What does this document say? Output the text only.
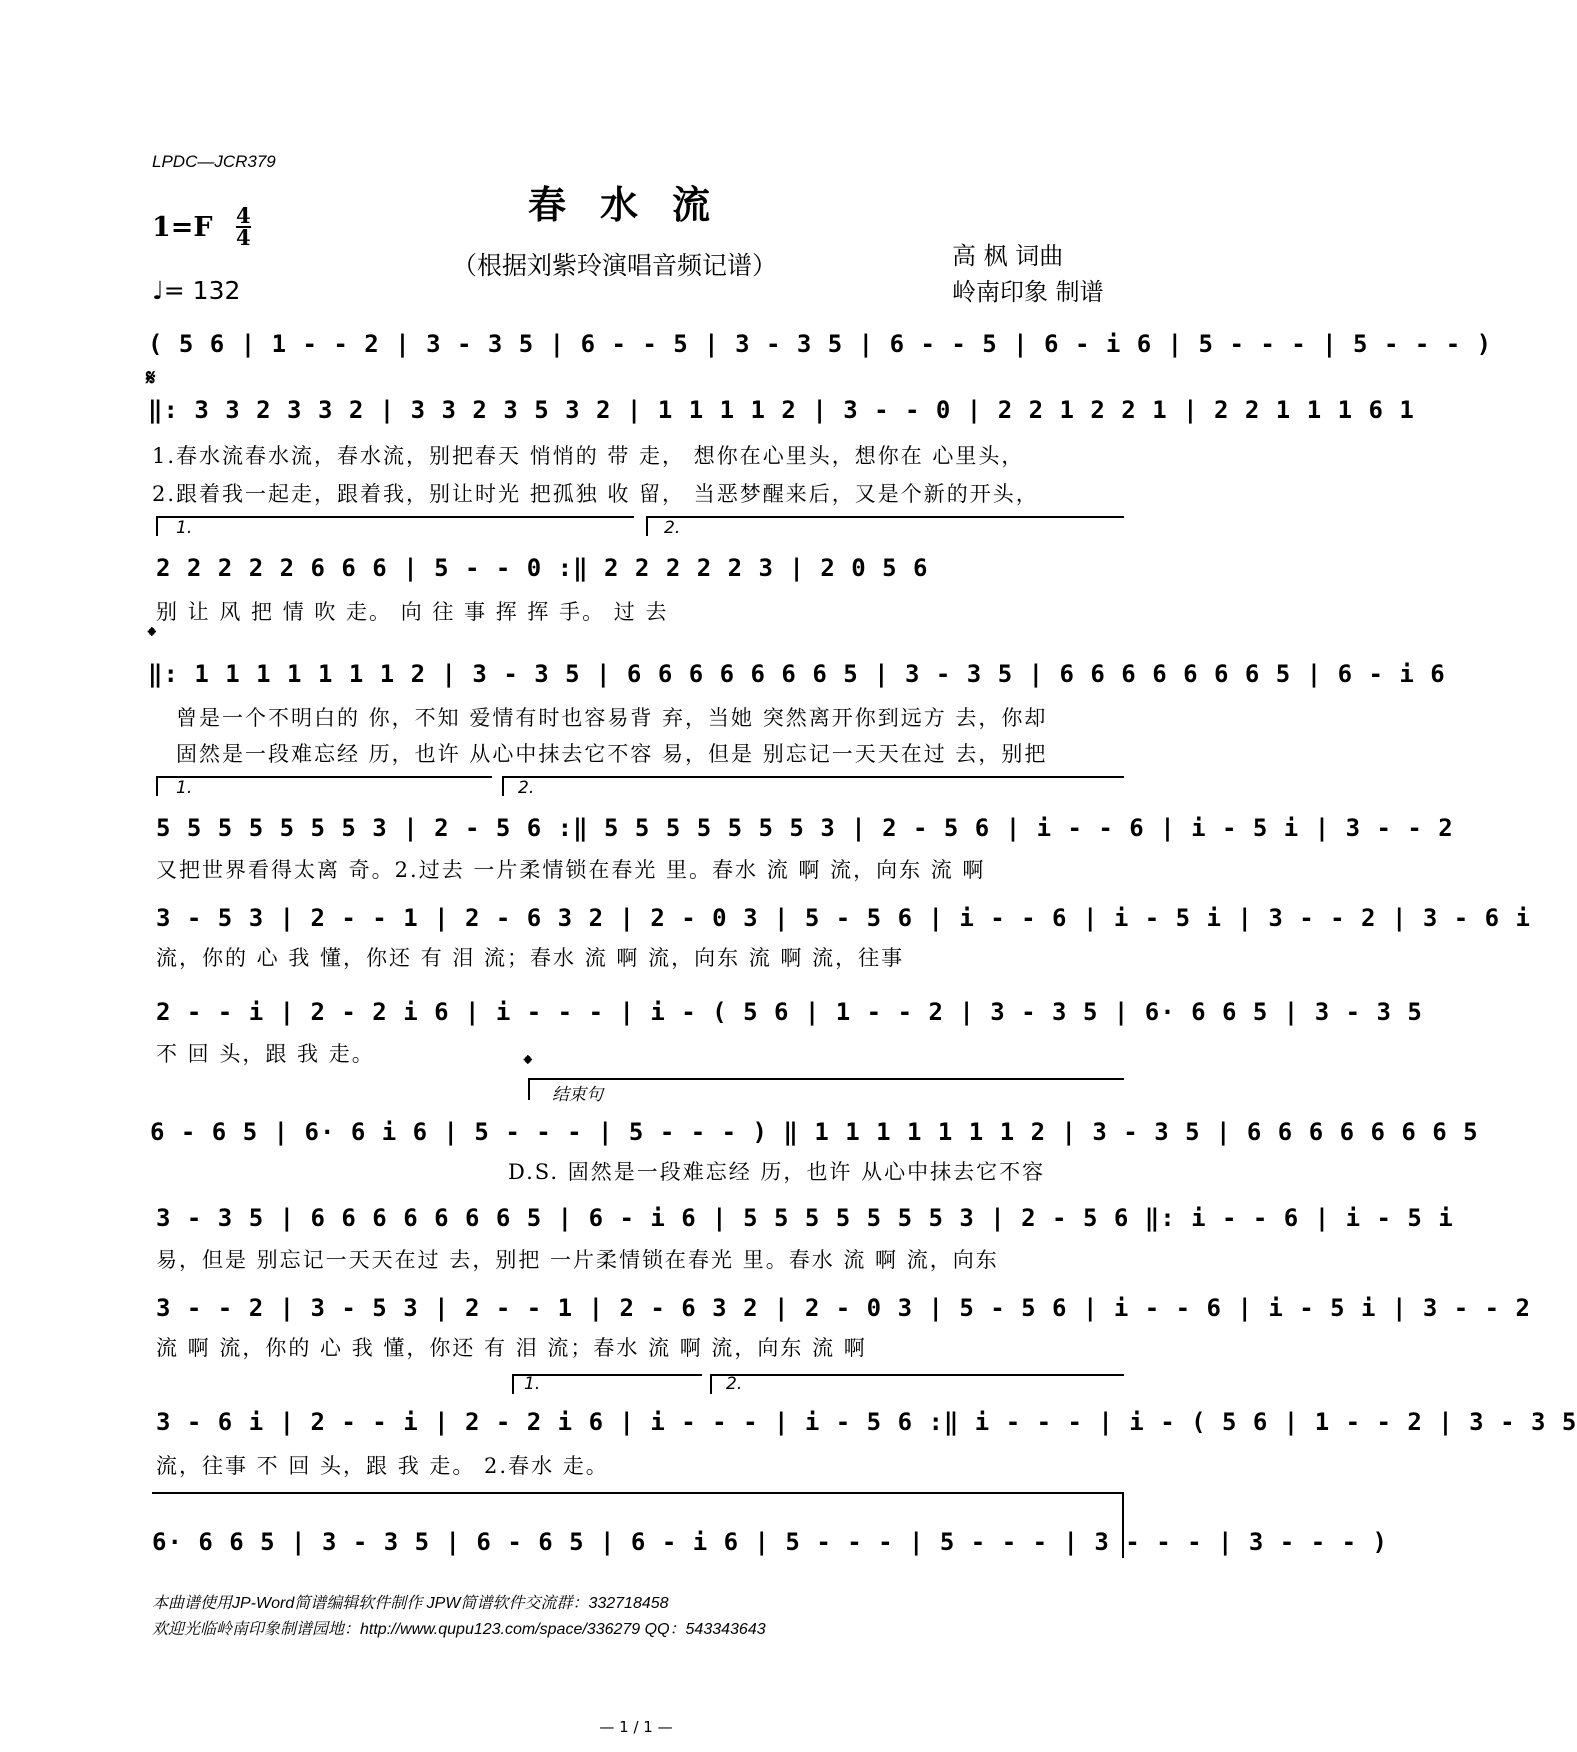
LPDC—JCR379
春水流
1=F 4
4
（根据刘紫玲演唱音频记谱）	高 枫 词曲
岭南印象 制谱
♩= 132
( 5 6 | 1 - - 2 | 3 - 3 5 | 6 - - 5 | 3 - 3 5 | 6 - - 5 | 6 - i 6 | 5 - - - | 5 - - - )
𝄋
‖: 3 3 2 3 3 2 | 3 3 2 3 5 3 2 | 1 1 1 1 2 | 3 - - 0 | 2 2 1 2 2 1 | 2 2 1 1 1 6 1
1.春水流春水流，春水流，别把春天 悄悄的 带 走， 想你在心里头，想你在 心里头，
2.跟着我一起走，跟着我，别让时光 把孤独 收 留， 当恶梦醒来后，又是个新的开头，
1.	2.
2 2 2 2 2 6 6 6 | 5 - - 0 :‖ 2 2 2 2 2 3 | 2 0 5 6
别 让 风 把 情 吹 走。 向 往 事 挥 挥 手。 过 去
𝄌
‖: 1 1 1 1 1 1 1 2 | 3 - 3 5 | 6 6 6 6 6 6 6 5 | 3 - 3 5 | 6 6 6 6 6 6 6 5 | 6 - i 6
曾是一个不明白的 你，不知 爱情有时也容易背 弃，当她 突然离开你到远方 去，你却
固然是一段难忘经 历，也许 从心中抹去它不容 易，但是 别忘记一天天在过 去，别把
1.	2.
5 5 5 5 5 5 5 3 | 2 - 5 6 :‖ 5 5 5 5 5 5 5 3 | 2 - 5 6 | i - - 6 | i - 5 i | 3 - - 2
又把世界看得太离 奇。2.过去 一片柔情锁在春光 里。春水 流 啊 流，向东 流 啊
3 - 5 3 | 2 - - 1 | 2 - 6 3 2 | 2 - 0 3 | 5 - 5 6 | i - - 6 | i - 5 i | 3 - - 2 | 3 - 6 i
流，你的 心 我 懂，你还 有 泪 流；春水 流 啊 流，向东 流 啊 流，往事
2 - - i | 2 - 2 i 6 | i - - - | i - ( 5 6 | 1 - - 2 | 3 - 3 5 | 6· 6 6 5 | 3 - 3 5
不 回 头，跟 我 走。	𝄌
结束句
6 - 6 5 | 6· 6 i 6 | 5 - - - | 5 - - - ) ‖ 1 1 1 1 1 1 1 2 | 3 - 3 5 | 6 6 6 6 6 6 6 5
D.S. 固然是一段难忘经 历，也许 从心中抹去它不容
3 - 3 5 | 6 6 6 6 6 6 6 5 | 6 - i 6 | 5 5 5 5 5 5 5 3 | 2 - 5 6 ‖: i - - 6 | i - 5 i
易，但是 别忘记一天天在过 去，别把 一片柔情锁在春光 里。春水 流 啊 流，向东
3 - - 2 | 3 - 5 3 | 2 - - 1 | 2 - 6 3 2 | 2 - 0 3 | 5 - 5 6 | i - - 6 | i - 5 i | 3 - - 2
流 啊 流，你的 心 我 懂，你还 有 泪 流；春水 流 啊 流，向东 流 啊
1.	2.
3 - 6 i | 2 - - i | 2 - 2 i 6 | i - - - | i - 5 6 :‖ i - - - | i - ( 5 6 | 1 - - 2 | 3 - 3 5
流，往事 不 回 头，跟 我 走。 2.春水 走。
6· 6 6 5 | 3 - 3 5 | 6 - 6 5 | 6 - i 6 | 5 - - - | 5 - - - | 3 - - - | 3 - - - )
本曲谱使用JP-Word简谱编辑软件制作 JPW简谱软件交流群：332718458
欢迎光临岭南印象制谱园地：http://www.qupu123.com/space/336279 QQ：543343643
— 1 / 1 —
